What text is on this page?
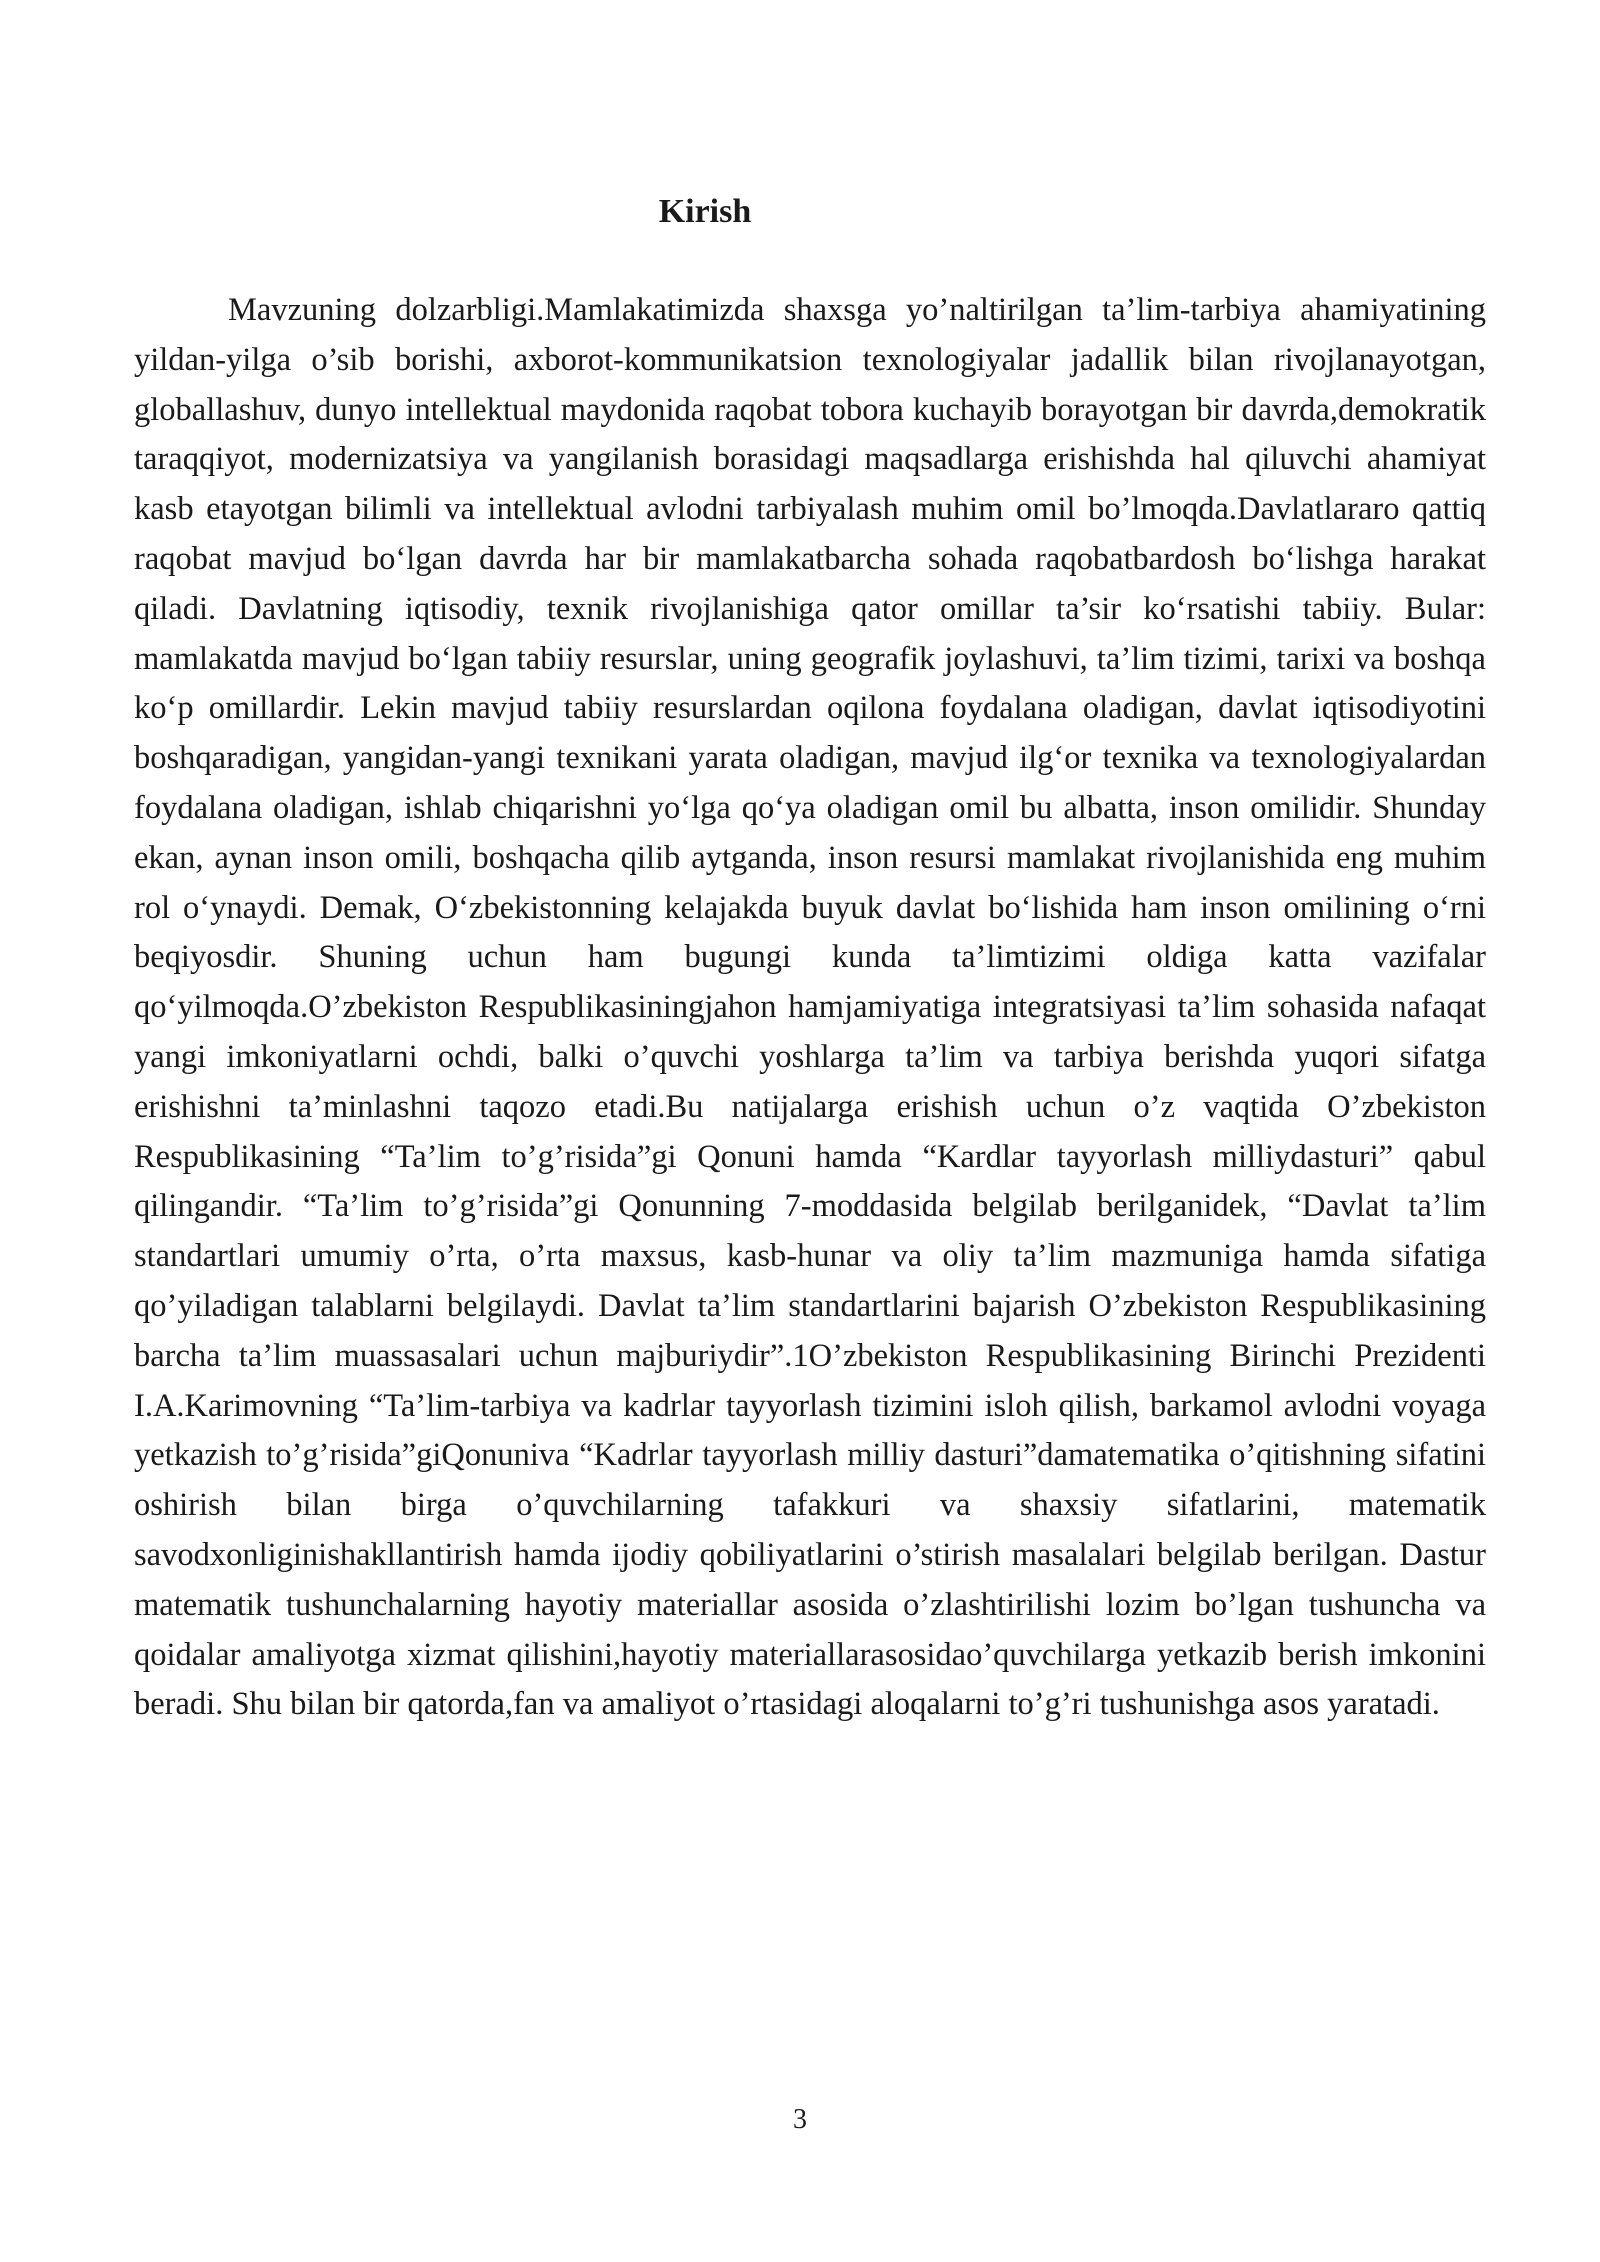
Kirish

Mavzuning dolzarbligi.Mamlakatimizda shaxsga yo’naltirilgan ta’lim-tarbiya ahamiyatining yildan-yilga o’sib borishi, axborot-kommunikatsion texnologiyalar jadallik bilan rivojlanayotgan, globallashuv, dunyo intellektual maydonida raqobat tobora kuchayib borayotgan bir davrda,demokratik taraqqiyot, modernizatsiya va yangilanish borasidagi maqsadlarga erishishda hal qiluvchi ahamiyat kasb etayotgan bilimli va intellektual avlodni tarbiyalash muhim omil bo’lmoqda.Davlatlararo qattiq raqobat mavjud bo‘lgan davrda har bir mamlakatbarcha sohada raqobatbardosh bo‘lishga harakat qiladi. Davlatning iqtisodiy, texnik rivojlanishiga qator omillar ta’sir ko‘rsatishi tabiiy. Bular: mamlakatda mavjud bo‘lgan tabiiy resurslar, uning geografik joylashuvi, ta’lim tizimi, tarixi va boshqa ko‘p omillardir. Lekin mavjud tabiiy resurslardan oqilona foydalana oladigan, davlat iqtisodiyotini boshqaradigan, yangidan-yangi texnikani yarata oladigan, mavjud ilg‘or texnika va texnologiyalardan foydalana oladigan, ishlab chiqarishni yo‘lga qo‘ya oladigan omil bu albatta, inson omilidir. Shunday ekan, aynan inson omili, boshqacha qilib aytganda, inson resursi mamlakat rivojlanishida eng muhim rol o‘ynaydi. Demak, O‘zbekistonning kelajakda buyuk davlat bo‘lishida ham inson omilining o‘rni beqiyosdir. Shuning uchun ham bugungi kunda ta’limtizimi oldiga katta vazifalar qo‘yilmoqda.O’zbekiston Respublikasiningjahon hamjamiyatiga integratsiyasi ta’lim sohasida nafaqat yangi imkoniyatlarni ochdi, balki o’quvchi yoshlarga ta’lim va tarbiya berishda yuqori sifatga erishishni ta’minlashni taqozo etadi.Bu natijalarga erishish uchun o’z vaqtida O’zbekiston Respublikasining “Ta’lim to’g’risida”gi Qonuni hamda “Kardlar tayyorlash milliydasturi” qabul qilingandir. “Ta’lim to’g’risida”gi Qonunning 7-moddasida belgilab berilganidek, “Davlat ta’lim standartlari umumiy o’rta, o’rta maxsus, kasb-hunar va oliy ta’lim mazmuniga hamda sifatiga qo’yiladigan talablarni belgilaydi. Davlat ta’lim standartlarini bajarish O’zbekiston Respublikasining barcha ta’lim muassasalari uchun majburiydir”.1O’zbekiston Respublikasining Birinchi Prezidenti I.A.Karimovning “Ta’lim-tarbiya va kadrlar tayyorlash tizimini isloh qilish, barkamol avlodni voyaga yetkazish to’g’risida”giQonuniva “Kadrlar tayyorlash milliy dasturi”damatematika o’qitishning sifatini oshirish bilan birga o’quvchilarning tafakkuri va shaxsiy sifatlarini, matematik savodxonliginishakllantirish hamda ijodiy qobiliyatlarini o’stirish masalalari belgilab berilgan. Dastur matematik tushunchalarning hayotiy materiallar asosida o’zlashtirilishi lozim bo’lgan tushuncha va qoidalar amaliyotga xizmat qilishini,hayotiy materiallarasosidao’quvchilarga yetkazib berish imkonini beradi. Shu bilan bir qatorda,fan va amaliyot o’rtasidagi aloqalarni to’g’ri tushunishga asos yaratadi.

3
